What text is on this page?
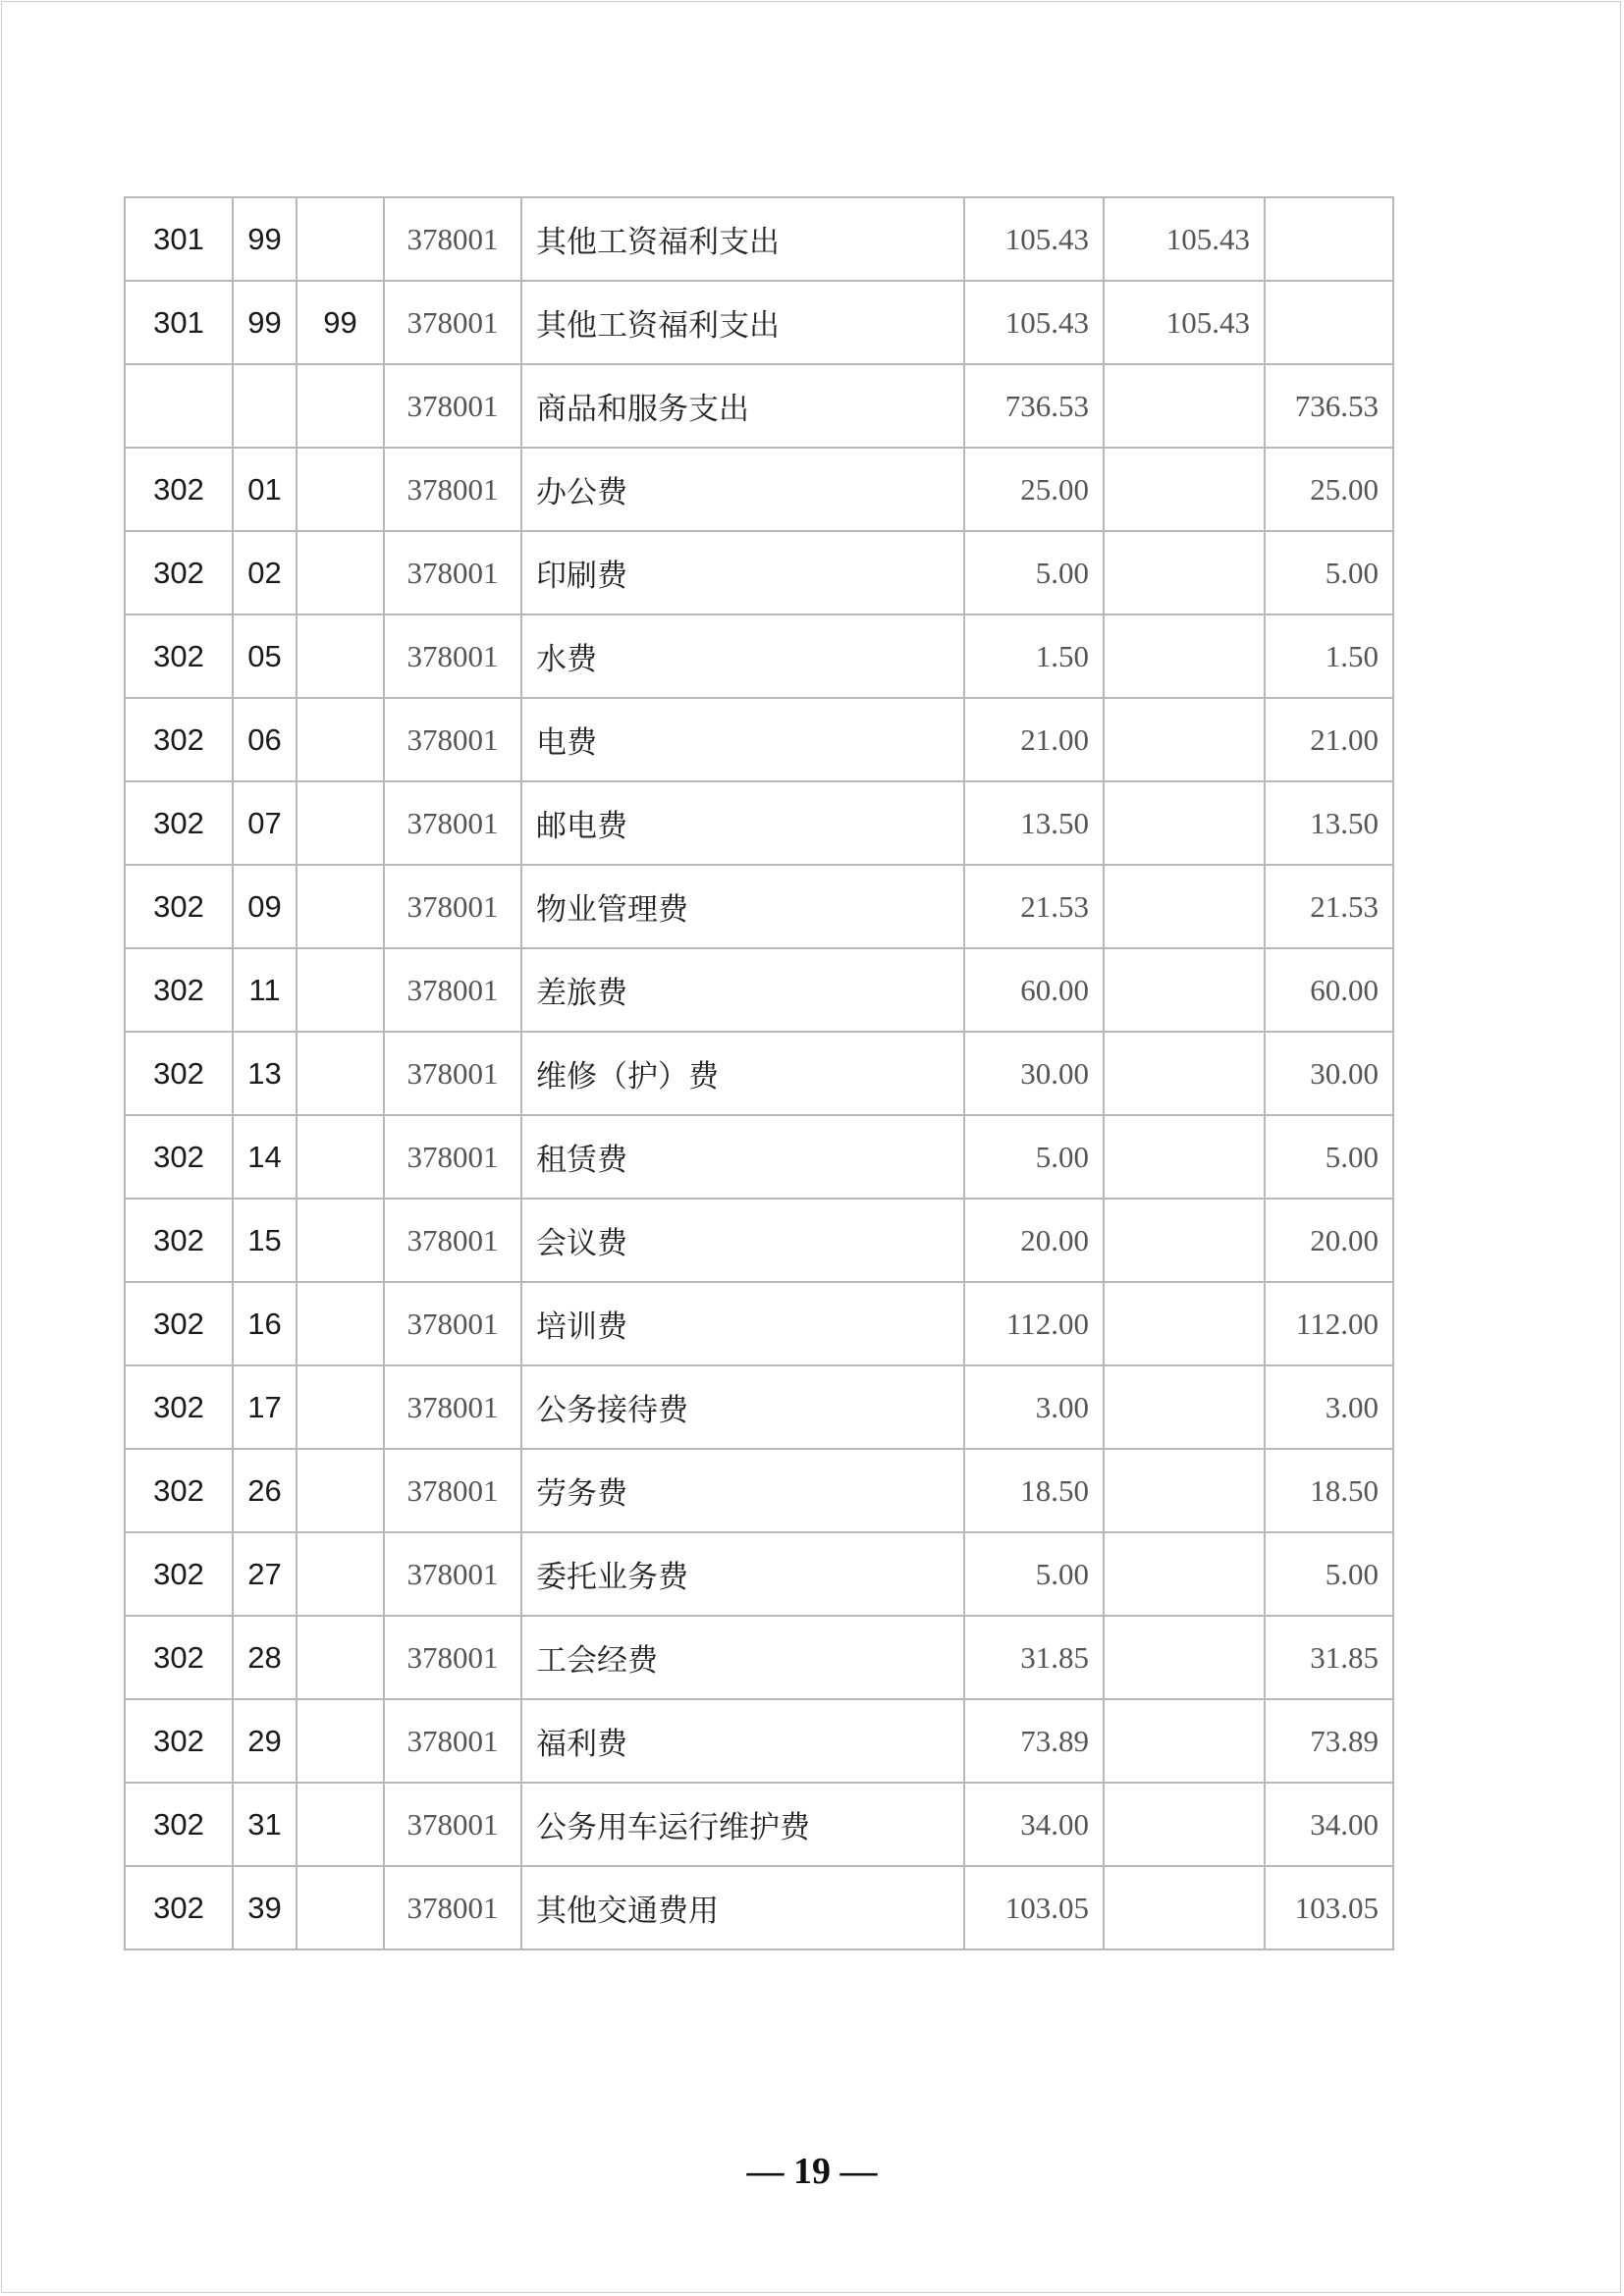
301	99		378001	其他工资福利支出	105.43	105.43	
301	99	99	378001	其他工资福利支出	105.43	105.43	
			378001	商品和服务支出	736.53		736.53
302	01		378001	办公费	25.00		25.00
302	02		378001	印刷费	5.00		5.00
302	05		378001	水费	1.50		1.50
302	06		378001	电费	21.00		21.00
302	07		378001	邮电费	13.50		13.50
302	09		378001	物业管理费	21.53		21.53
302	11		378001	差旅费	60.00		60.00
302	13		378001	维修（护）费	30.00		30.00
302	14		378001	租赁费	5.00		5.00
302	15		378001	会议费	20.00		20.00
302	16		378001	培训费	112.00		112.00
302	17		378001	公务接待费	3.00		3.00
302	26		378001	劳务费	18.50		18.50
302	27		378001	委托业务费	5.00		5.00
302	28		378001	工会经费	31.85		31.85
302	29		378001	福利费	73.89		73.89
302	31		378001	公务用车运行维护费	34.00		34.00
302	39		378001	其他交通费用	103.05		103.05
— 19 —
